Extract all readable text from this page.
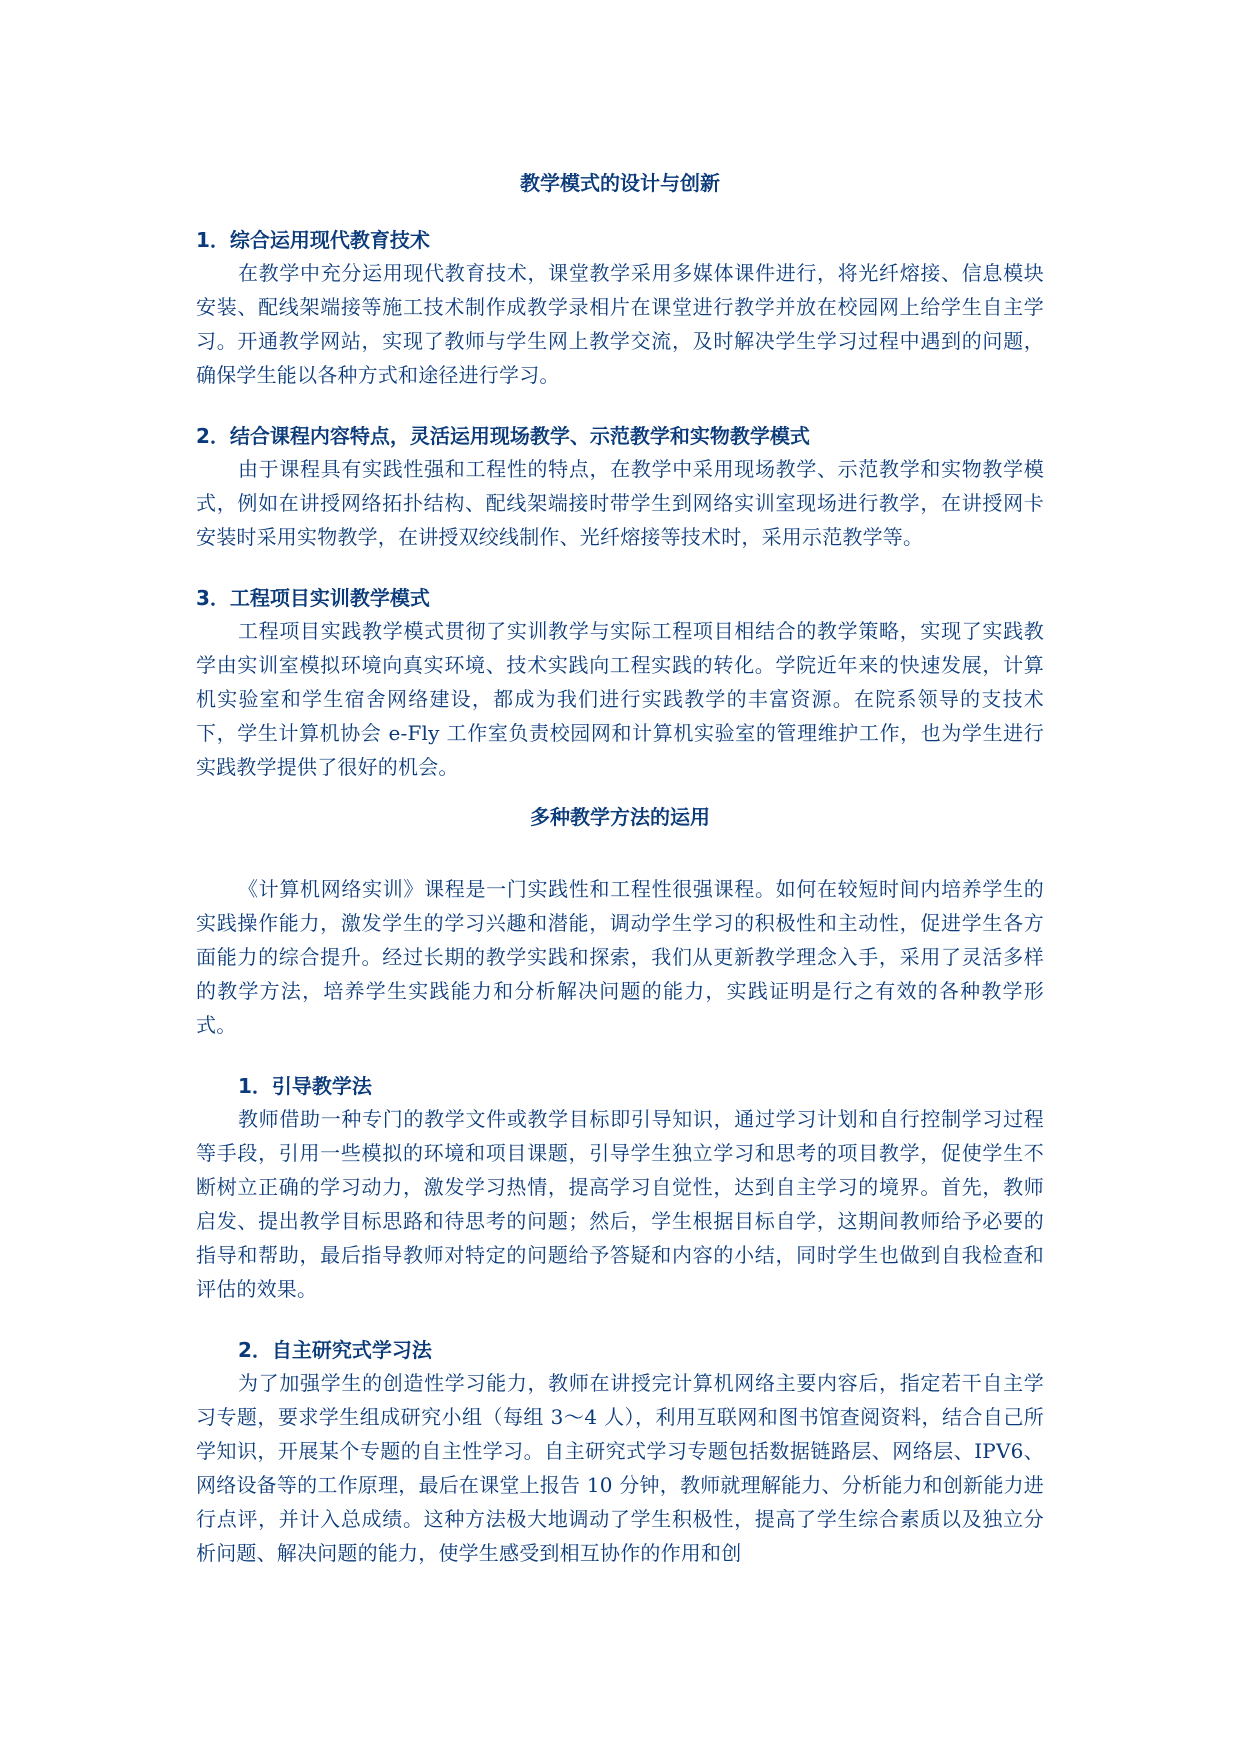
教学模式的设计与创新
1．综合运用现代教育技术

在教学中充分运用现代教育技术，课堂教学采用多媒体课件进行，将光纤熔接、信息模块安装、配线架端接等施工技术制作成教学录相片在课堂进行教学并放在校园网上给学生自主学习。开通教学网站，实现了教师与学生网上教学交流，及时解决学生学习过程中遇到的问题，确保学生能以各种方式和途径进行学习。

2．结合课程内容特点，灵活运用现场教学、示范教学和实物教学模式

由于课程具有实践性强和工程性的特点，在教学中采用现场教学、示范教学和实物教学模式，例如在讲授网络拓扑结构、配线架端接时带学生到网络实训室现场进行教学，在讲授网卡安装时采用实物教学，在讲授双绞线制作、光纤熔接等技术时，采用示范教学等。

3．工程项目实训教学模式

工程项目实践教学模式贯彻了实训教学与实际工程项目相结合的教学策略，实现了实践教学由实训室模拟环境向真实环境、技术实践向工程实践的转化。学院近年来的快速发展，计算机实验室和学生宿舍网络建设，都成为我们进行实践教学的丰富资源。在院系领导的支技术下，学生计算机协会 e-Fly 工作室负责校园网和计算机实验室的管理维护工作，也为学生进行实践教学提供了很好的机会。

多种教学方法的运用

《计算机网络实训》课程是一门实践性和工程性很强课程。如何在较短时间内培养学生的实践操作能力，激发学生的学习兴趣和潜能，调动学生学习的积极性和主动性，促进学生各方面能力的综合提升。经过长期的教学实践和探索，我们从更新教学理念入手，采用了灵活多样的教学方法，培养学生实践能力和分析解决问题的能力，实践证明是行之有效的各种教学形式。

1．引导教学法

教师借助一种专门的教学文件或教学目标即引导知识，通过学习计划和自行控制学习过程等手段，引用一些模拟的环境和项目课题，引导学生独立学习和思考的项目教学，促使学生不断树立正确的学习动力，激发学习热情，提高学习自觉性，达到自主学习的境界。首先，教师启发、提出教学目标思路和待思考的问题；然后，学生根据目标自学，这期间教师给予必要的指导和帮助，最后指导教师对特定的问题给予答疑和内容的小结，同时学生也做到自我检查和评估的效果。

2．自主研究式学习法

为了加强学生的创造性学习能力，教师在讲授完计算机网络主要内容后，指定若干自主学习专题，要求学生组成研究小组（每组 3～4 人），利用互联网和图书馆查阅资料，结合自己所学知识，开展某个专题的自主性学习。自主研究式学习专题包括数据链路层、网络层、IPV6、网络设备等的工作原理，最后在课堂上报告 10 分钟，教师就理解能力、分析能力和创新能力进行点评，并计入总成绩。这种方法极大地调动了学生积极性，提高了学生综合素质以及独立分析问题、解决问题的能力，使学生感受到相互协作的作用和创
